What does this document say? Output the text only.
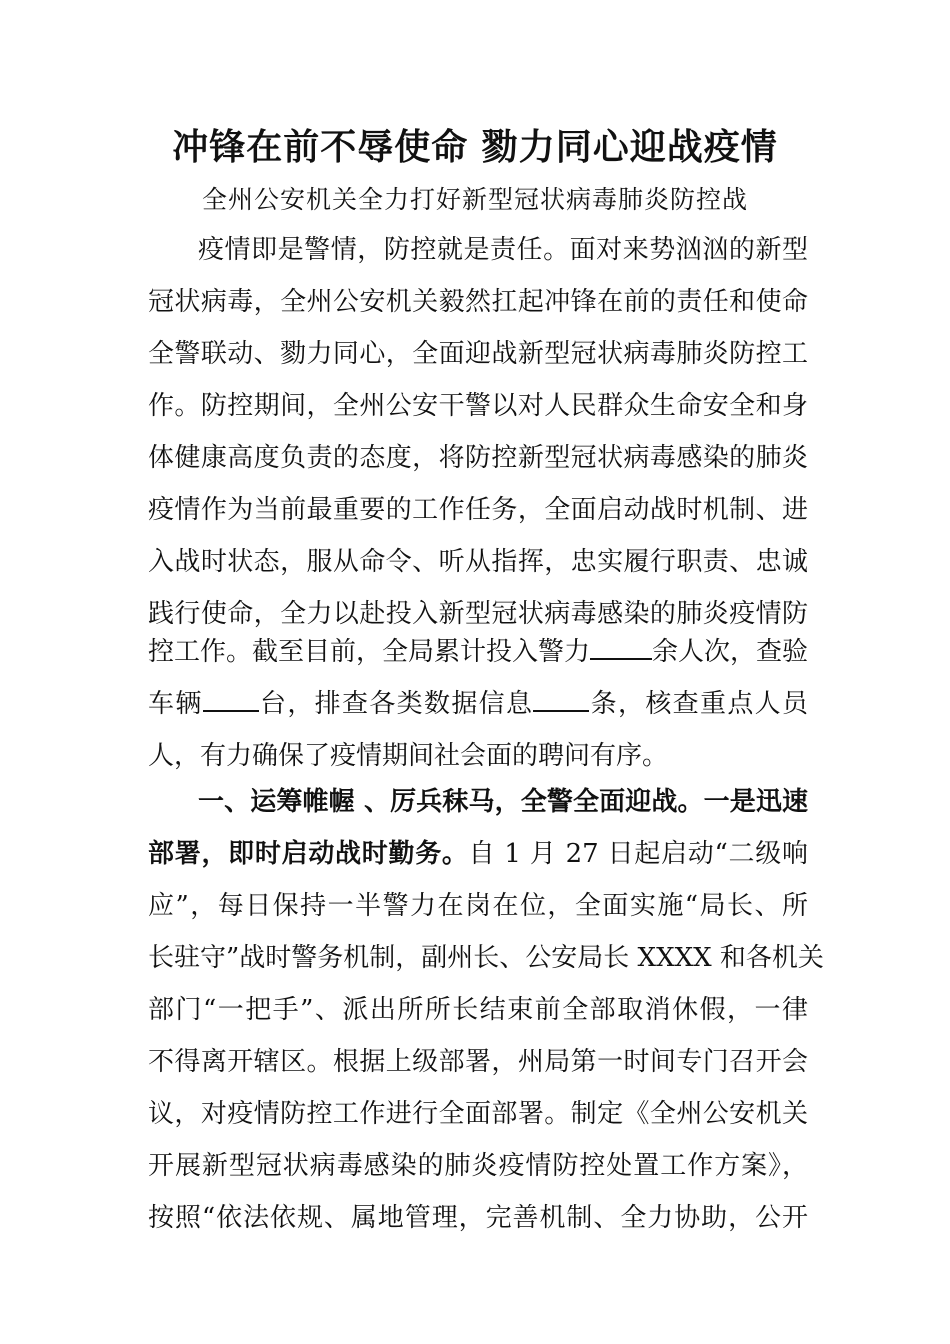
冲锋在前不辱使命 勠力同心迎战疫情
全州公安机关全力打好新型冠状病毒肺炎防控战
疫情即是警情，防控就是责任。面对来势汹汹的新型
冠状病毒，全州公安机关毅然扛起冲锋在前的责任和使命
全警联动、勠力同心，全面迎战新型冠状病毒肺炎防控工
作。防控期间，全州公安干警以对人民群众生命安全和身
体健康高度负责的态度，将防控新型冠状病毒感染的肺炎
疫情作为当前最重要的工作任务，全面启动战时机制、进
入战时状态，服从命令、听从指挥，忠实履行职责、忠诚
践行使命，全力以赴投入新型冠状病毒感染的肺炎疫情防
控工作。截至目前，全局累计投入警力 余人次，查验
车辆 台，排查各类数据信息 条，核查重点人员
人，有力确保了疫情期间社会面的聘问有序。
一、运筹帷幄 、厉兵秣马，全警全面迎战。一是迅速
部署，即时启动战时勤务。自 1 月 27 日起启动“二级响
应”，每日保持一半警力在岗在位，全面实施“局长、所
长驻守”战时警务机制，副州长、公安局长 XXXX 和各机关
部门“一把手”、派出所所长结束前全部取消休假，一律
不得离开辖区。根据上级部署，州局第一时间专门召开会
议，对疫情防控工作进行全面部署。制定《全州公安机关
开展新型冠状病毒感染的肺炎疫情防控处置工作方案》，
按照“依法依规、属地管理，完善机制、全力协助，公开
